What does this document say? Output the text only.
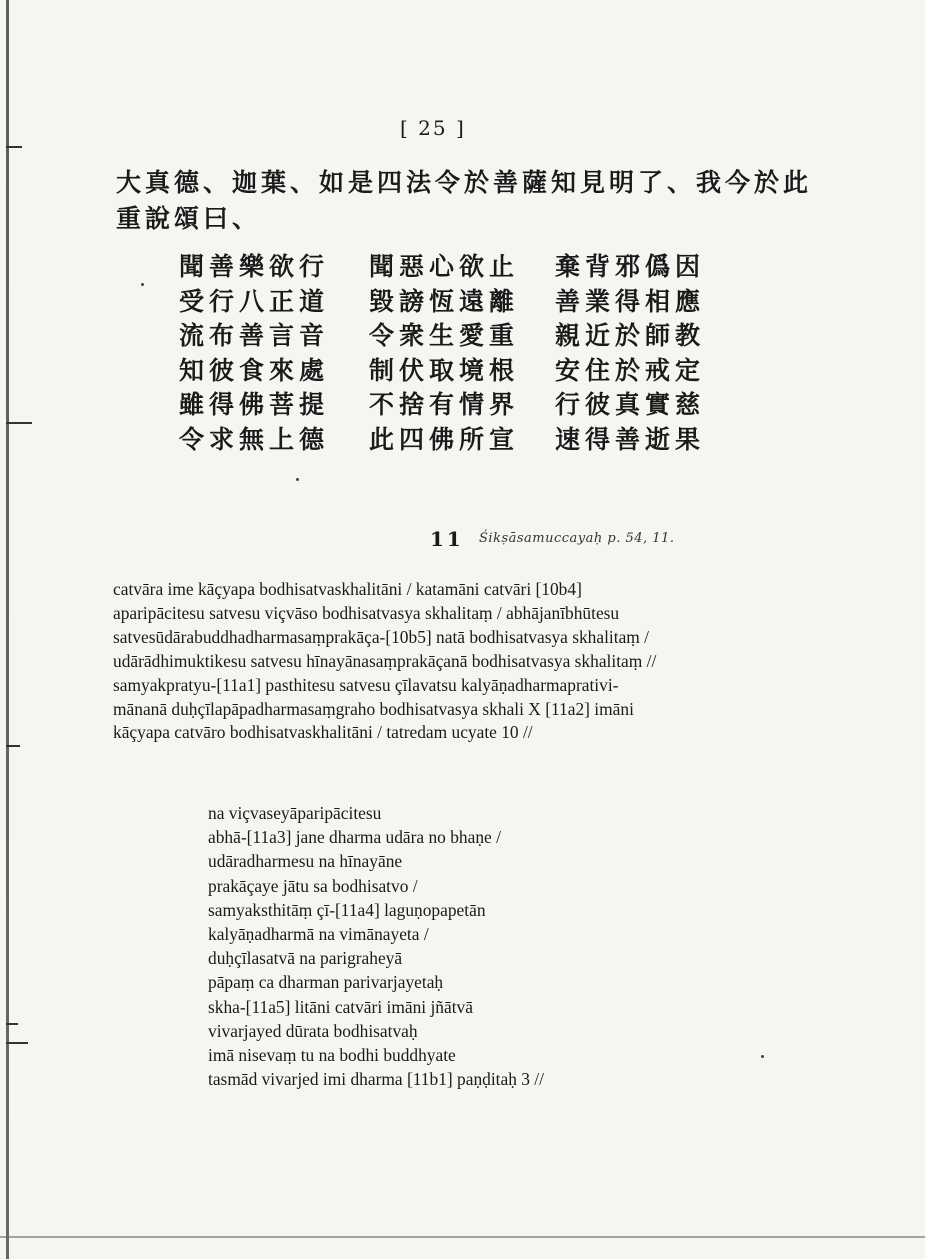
[ 25 ]
大真德、迦葉、如是四法令於善薩知見明了、我今於此
重說頌曰、
聞善樂欲行
受行八正道
流布善言音
知彼食來處
雖得佛菩提
令求無上德
聞惡心欲止
毀謗恆遠離
令衆生愛重
制伏取境根
不捨有情界
此四佛所宣
棄背邪僞因
善業得相應
親近於師教
安住於戒定
行彼真實慈
速得善逝果
11 Śikṣāsamuccayaḥ p. 54, 11.
catvāra ime kāçyapa bodhisatvaskhalitāni / katamāni catvāri [10b4]
aparipācitesu satvesu viçvāso bodhisatvasya skhalitaṃ / abhājanībhūtesu
satvesūdārabuddhadharmasaṃprakāça-[10b5] natā bodhisatvasya skhalitaṃ /
udārādhimuktikesu satvesu hīnayānasaṃprakāçanā bodhisatvasya skhalitaṃ //
samyakpratyu-[11a1] pasthitesu satvesu çīlavatsu kalyāṇadharmaprativi-
mānanā duḥçīlapāpadharmasaṃgraho bodhisatvasya skhali X [11a2] imāni
kāçyapa catvāro bodhisatvaskhalitāni / tatredam ucyate 10 //
na viçvaseyāparipācitesu
abhā-[11a3] jane dharma udāra no bhaṇe /
udāradharmesu na hīnayāne
prakāçaye jātu sa bodhisatvo /
samyaksthitāṃ çī-[11a4] laguṇopapetān
kalyāṇadharmā na vimānayeta /
duḥçīlasatvā na parigraheyā
pāpaṃ ca dharman parivarjayetaḥ
skha-[11a5] litāni catvāri imāni jñātvā
vivarjayed dūrata bodhisatvaḥ
imā nisevaṃ tu na bodhi buddhyate
tasmād vivarjed imi dharma [11b1] paṇḍitaḥ 3 //
